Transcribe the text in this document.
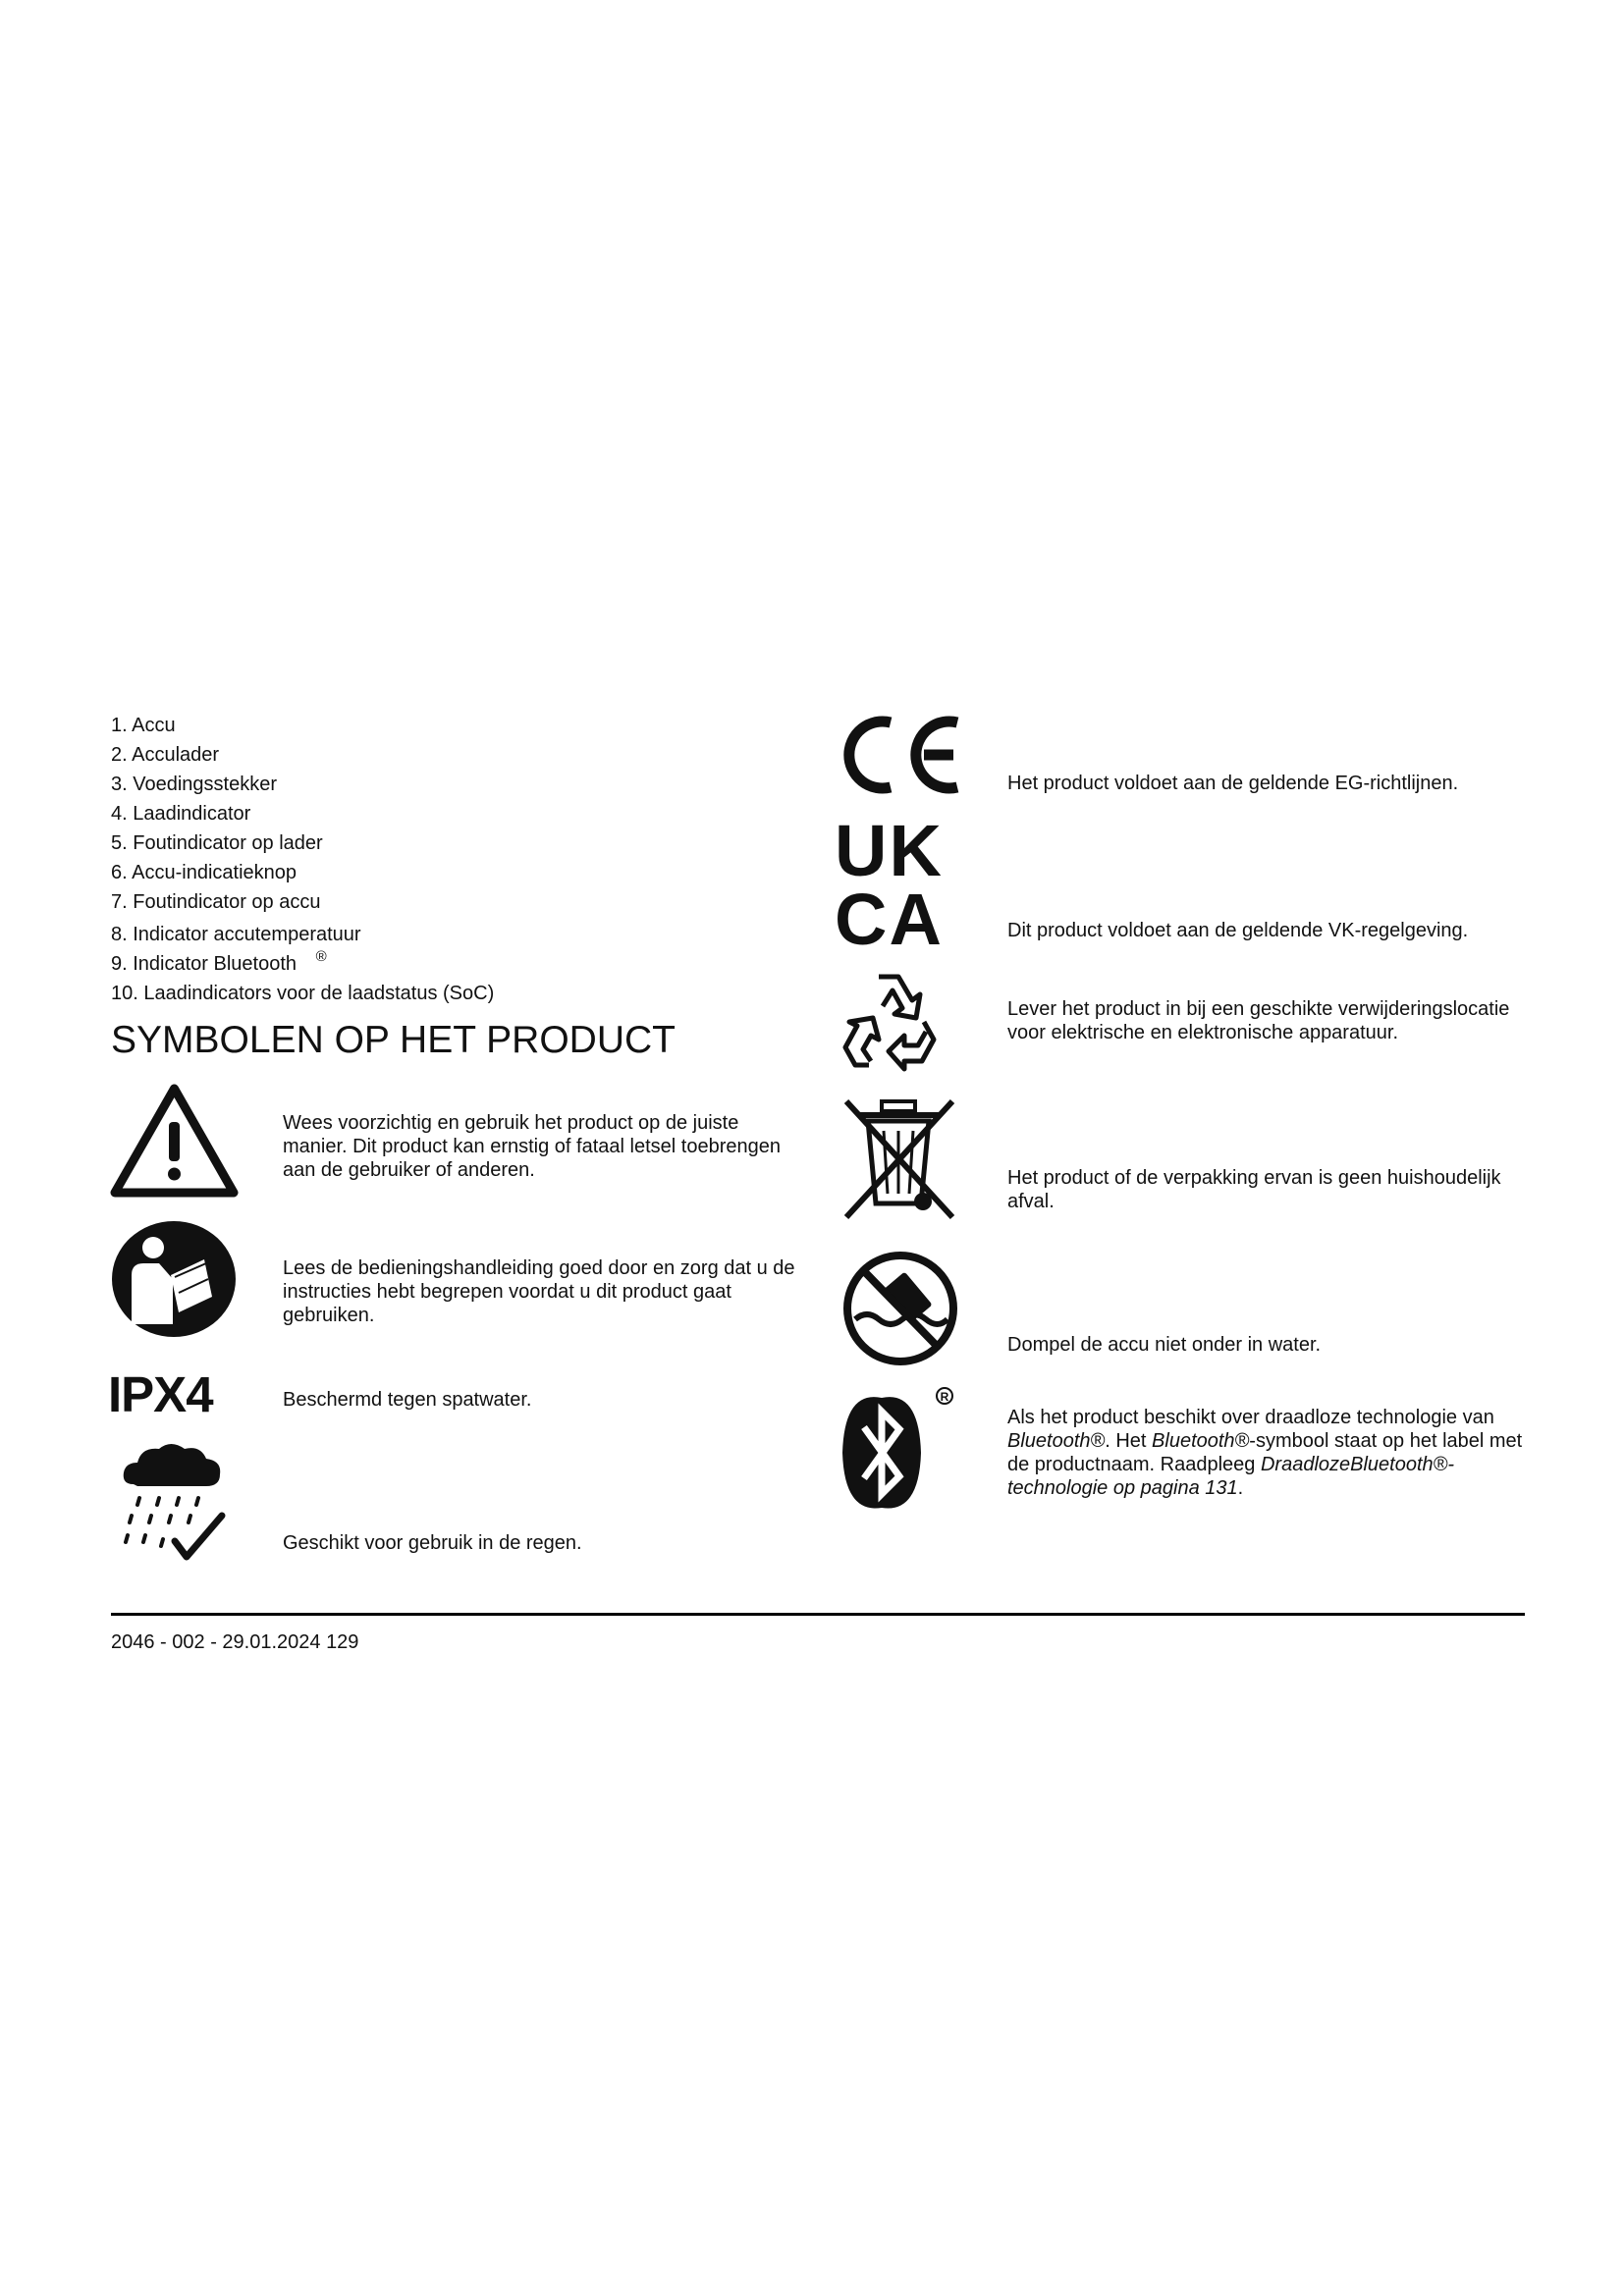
1. Accu
2. Acculader
3. Voedingsstekker
4. Laadindicator
5. Foutindicator op lader
6. Accu-indicatieknop
7. Foutindicator op accu
8. Indicator accutemperatuur
9. Indicator Bluetooth ®
10. Laadindicators voor de laadstatus (SoC)
SYMBOLEN OP HET PRODUCT
Wees voorzichtig en gebruik het product op de juiste manier. Dit product kan ernstig of fataal letsel toebrengen aan de gebruiker of anderen.
Lees de bedieningshandleiding goed door en zorg dat u de instructies hebt begrepen voordat u dit product gaat gebruiken.
IPX4	Beschermd tegen spatwater.
Geschikt voor gebruik in de regen.
Het product voldoet aan de geldende EG-richtlijnen.
UK
CA	Dit product voldoet aan de geldende VK-regelgeving.
Lever het product in bij een geschikte verwijderingslocatie voor elektrische en elektronische apparatuur.
Het product of de verpakking ervan is geen huishoudelijk afval.
Dompel de accu niet onder in water.
R
Als het product beschikt over draadloze technologie van Bluetooth®. Het Bluetooth®-symbool staat op het label met de productnaam. Raadpleeg DraadlozeBluetooth®-technologie op pagina 131.
2046 - 002 - 29.01.2024 129
